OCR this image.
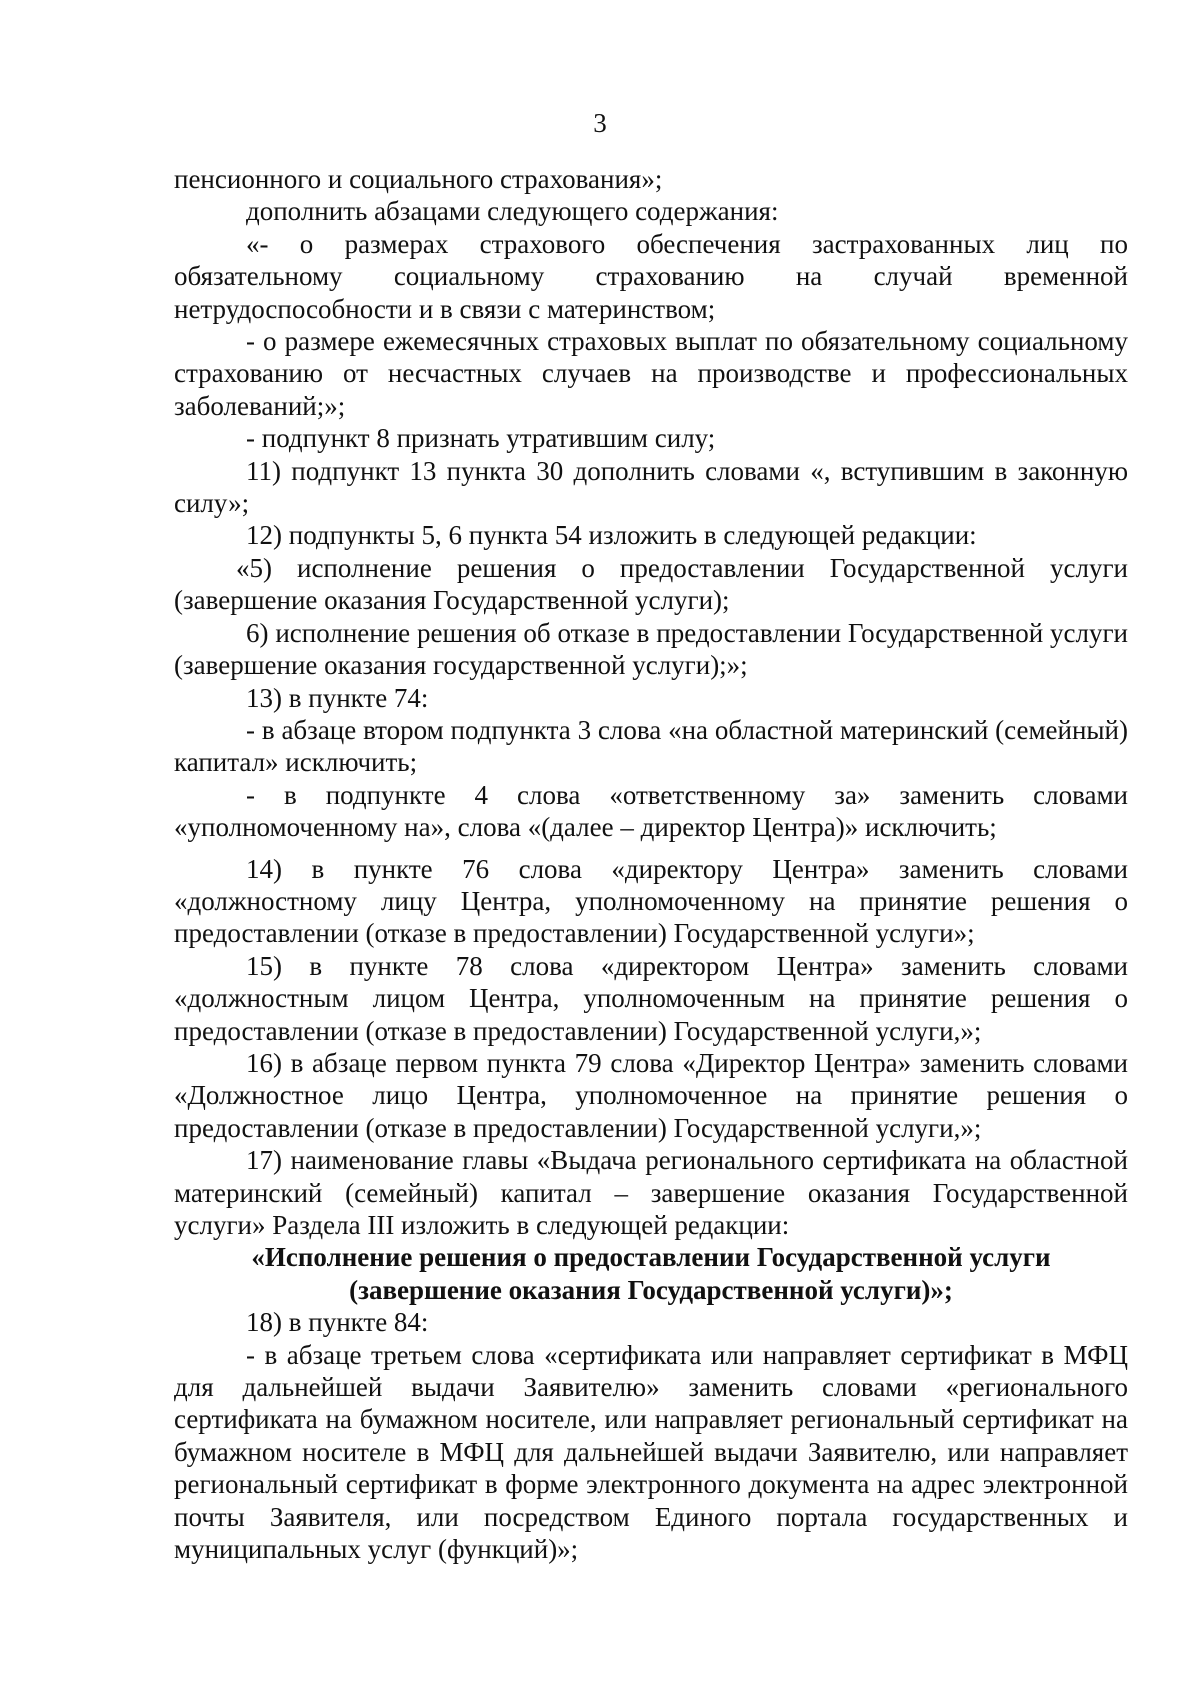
3

пенсионного и социального страхования»;

дополнить абзацами следующего содержания:

«- о размерах страхового обеспечения застрахованных лиц по обязательному социальному страхованию на случай временной нетрудоспособности и в связи с материнством;

- о размере ежемесячных страховых выплат по обязательному социальному страхованию от несчастных случаев на производстве и профессиональных заболеваний;»;

- подпункт 8 признать утратившим силу;

11) подпункт 13 пункта 30 дополнить словами «, вступившим в законную силу»;

12) подпункты 5, 6 пункта 54 изложить в следующей редакции:

«5) исполнение решения о предоставлении Государственной услуги (завершение оказания Государственной услуги);

6) исполнение решения об отказе в предоставлении Государственной услуги (завершение оказания государственной услуги);»;

13) в пункте 74:

- в абзаце втором подпункта 3 слова «на областной материнский (семейный) капитал» исключить;

- в подпункте 4 слова «ответственному за» заменить словами «уполномоченному на», слова «(далее – директор Центра)» исключить;

14) в пункте 76 слова «директору Центра» заменить словами «должностному лицу Центра, уполномоченному на принятие решения о предоставлении (отказе в предоставлении) Государственной услуги»;

15) в пункте 78 слова «директором Центра» заменить словами «должностным лицом Центра, уполномоченным на принятие решения о предоставлении (отказе в предоставлении) Государственной услуги,»;

16) в абзаце первом пункта 79 слова «Директор Центра» заменить словами «Должностное лицо Центра, уполномоченное на принятие решения о предоставлении (отказе в предоставлении) Государственной услуги,»;

17) наименование главы «Выдача регионального сертификата на областной материнский (семейный) капитал – завершение оказания Государственной услуги» Раздела III изложить в следующей редакции:

«Исполнение решения о предоставлении Государственной услуги

(завершение оказания Государственной услуги)»;

18) в пункте 84:

- в абзаце третьем слова «сертификата или направляет сертификат в МФЦ для дальнейшей выдачи Заявителю» заменить словами «регионального сертификата на бумажном носителе, или направляет региональный сертификат на бумажном носителе в МФЦ для дальнейшей выдачи Заявителю, или направляет региональный сертификат в форме электронного документа на адрес электронной почты Заявителя, или посредством Единого портала государственных и муниципальных услуг (функций)»;
